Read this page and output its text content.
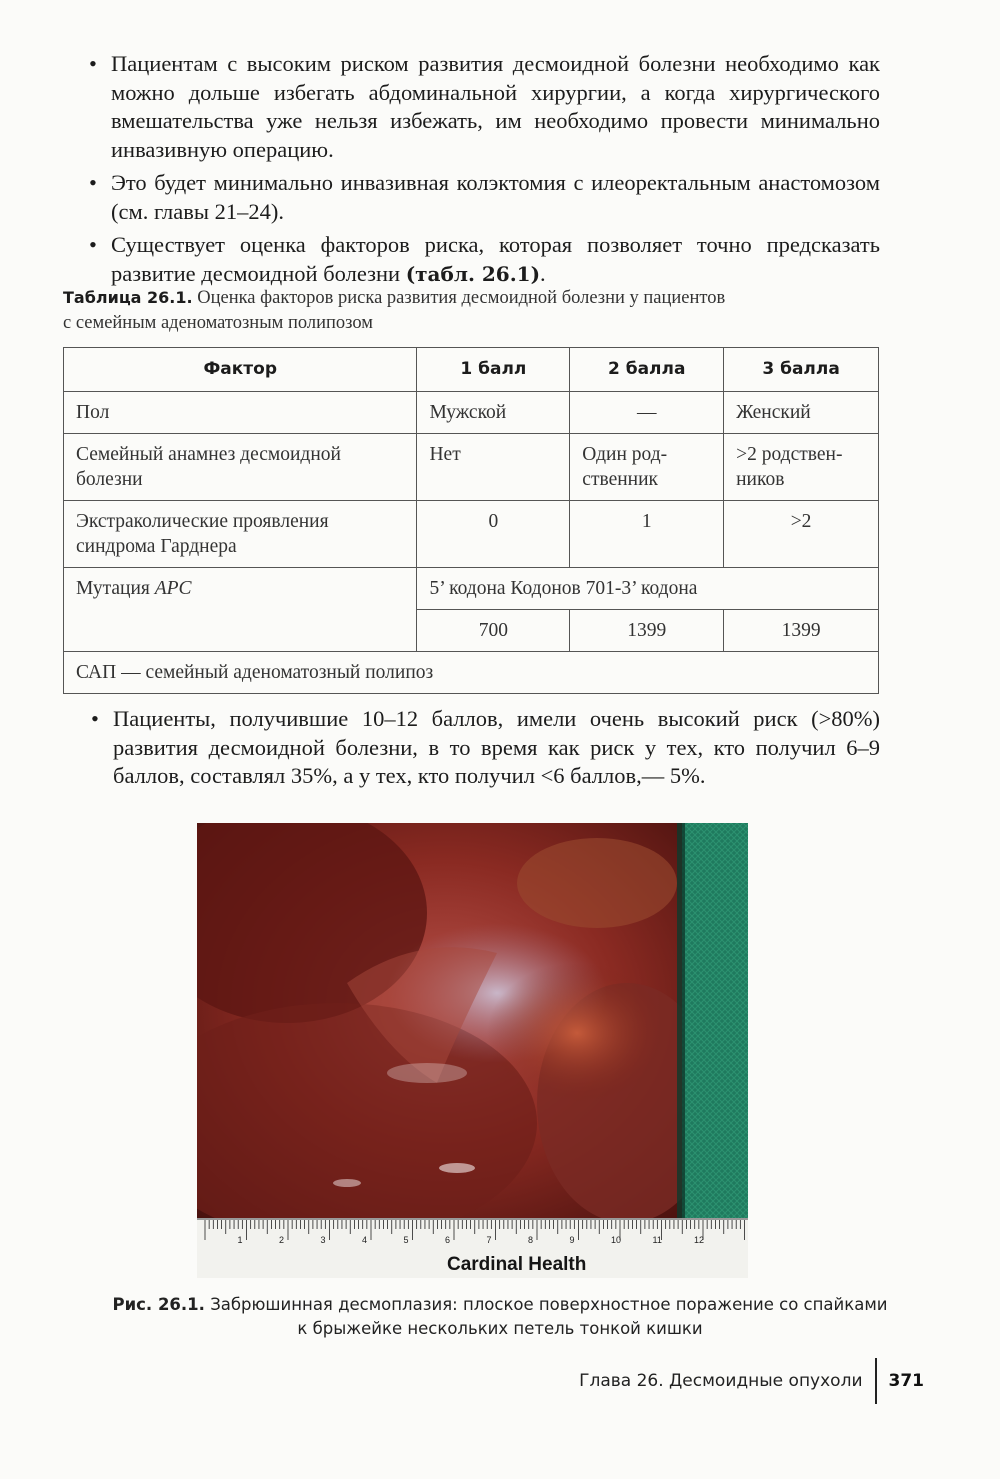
• Пациентам с высоким риском развития десмоидной болезни необходимо как можно дольше избегать абдоминальной хирургии, а когда хирургического вмешательства уже нельзя избежать, им необходимо провести минимально инвазивную операцию.
• Это будет минимально инвазивная колэктомия с илеоректальным анастомозом (см. главы 21–24).
• Существует оценка факторов риска, которая позволяет точно предсказать развитие десмоидной болезни (табл. 26.1).
Таблица 26.1. Оценка факторов риска развития десмоидной болезни у пациентов
с семейным аденоматозным полипозом
Фактор	1 балл	2 балла	3 балла
Пол	Мужской	—	Женский
Семейный анамнез десмоидной болезни	Нет	Один родственник	>2 родственников
Экстраколические проявления синдрома Гарднера	0	1	>2
Мутация APC	5’ кодона Кодонов 701-3’ кодона		
	700	1399	1399
САП — семейный аденоматозный полипоз			
• Пациенты, получившие 10–12 баллов, имели очень высокий риск (>80%) развития десмоидной болезни, в то время как риск у тех, кто получил 6–9 баллов, составлял 35%, а у тех, кто получил <6 баллов,— 5%.
1	2	3	4	5	6	7	8	9	10	11	12
Cardinal Health
Рис. 26.1. Забрюшинная десмоплазия: плоское поверхностное поражение со спайками
к брыжейке нескольких петель тонкой кишки
Глава 26. Десмоидные опухоли	371
